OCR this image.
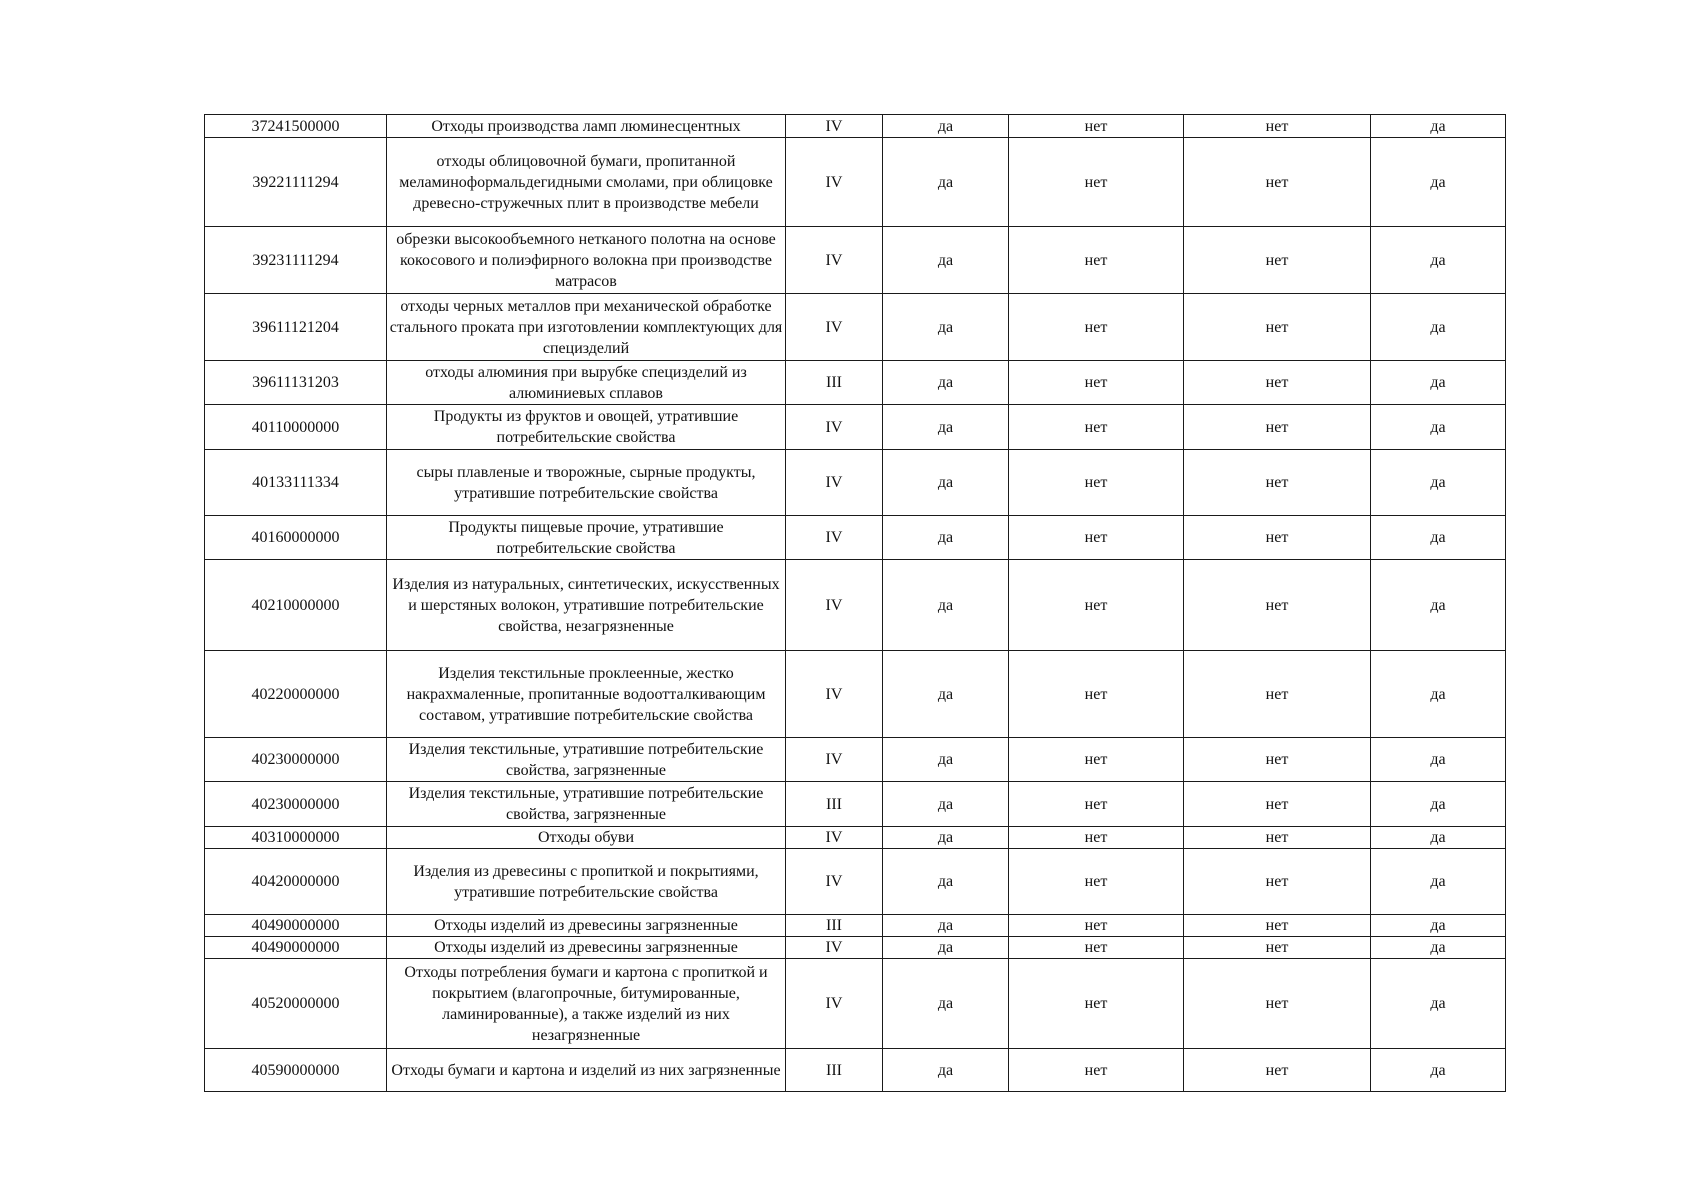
37241500000	Отходы производства ламп люминесцентных	IV	да	нет	нет	да
39221111294	отходы облицовочной бумаги, пропитанной меламиноформальдегидными смолами, при облицовке древесно-стружечных плит в производстве мебели	IV	да	нет	нет	да
39231111294	обрезки высокообъемного нетканого полотна на основе кокосового и полиэфирного волокна при производстве матрасов	IV	да	нет	нет	да
39611121204	отходы черных металлов при механической обработке стального проката при изготовлении комплектующих для специзделий	IV	да	нет	нет	да
39611131203	отходы алюминия при вырубке специзделий из алюминиевых сплавов	III	да	нет	нет	да
40110000000	Продукты из фруктов и овощей, утратившие потребительские свойства	IV	да	нет	нет	да
40133111334	сыры плавленые и творожные, сырные продукты, утратившие потребительские свойства	IV	да	нет	нет	да
40160000000	Продукты пищевые прочие, утратившие потребительские свойства	IV	да	нет	нет	да
40210000000	Изделия из натуральных, синтетических, искусственных и шерстяных волокон, утратившие потребительские свойства, незагрязненные	IV	да	нет	нет	да
40220000000	Изделия текстильные проклеенные, жестко накрахмаленные, пропитанные водоотталкивающим составом, утратившие потребительские свойства	IV	да	нет	нет	да
40230000000	Изделия текстильные, утратившие потребительские свойства, загрязненные	IV	да	нет	нет	да
40230000000	Изделия текстильные, утратившие потребительские свойства, загрязненные	III	да	нет	нет	да
40310000000	Отходы обуви	IV	да	нет	нет	да
40420000000	Изделия из древесины с пропиткой и покрытиями, утратившие потребительские свойства	IV	да	нет	нет	да
40490000000	Отходы изделий из древесины загрязненные	III	да	нет	нет	да
40490000000	Отходы изделий из древесины загрязненные	IV	да	нет	нет	да
40520000000	Отходы потребления бумаги и картона с пропиткой и покрытием (влагопрочные, битумированные, ламинированные), а также изделий из них незагрязненные	IV	да	нет	нет	да
40590000000	Отходы бумаги и картона и изделий из них загрязненные	III	да	нет	нет	да
